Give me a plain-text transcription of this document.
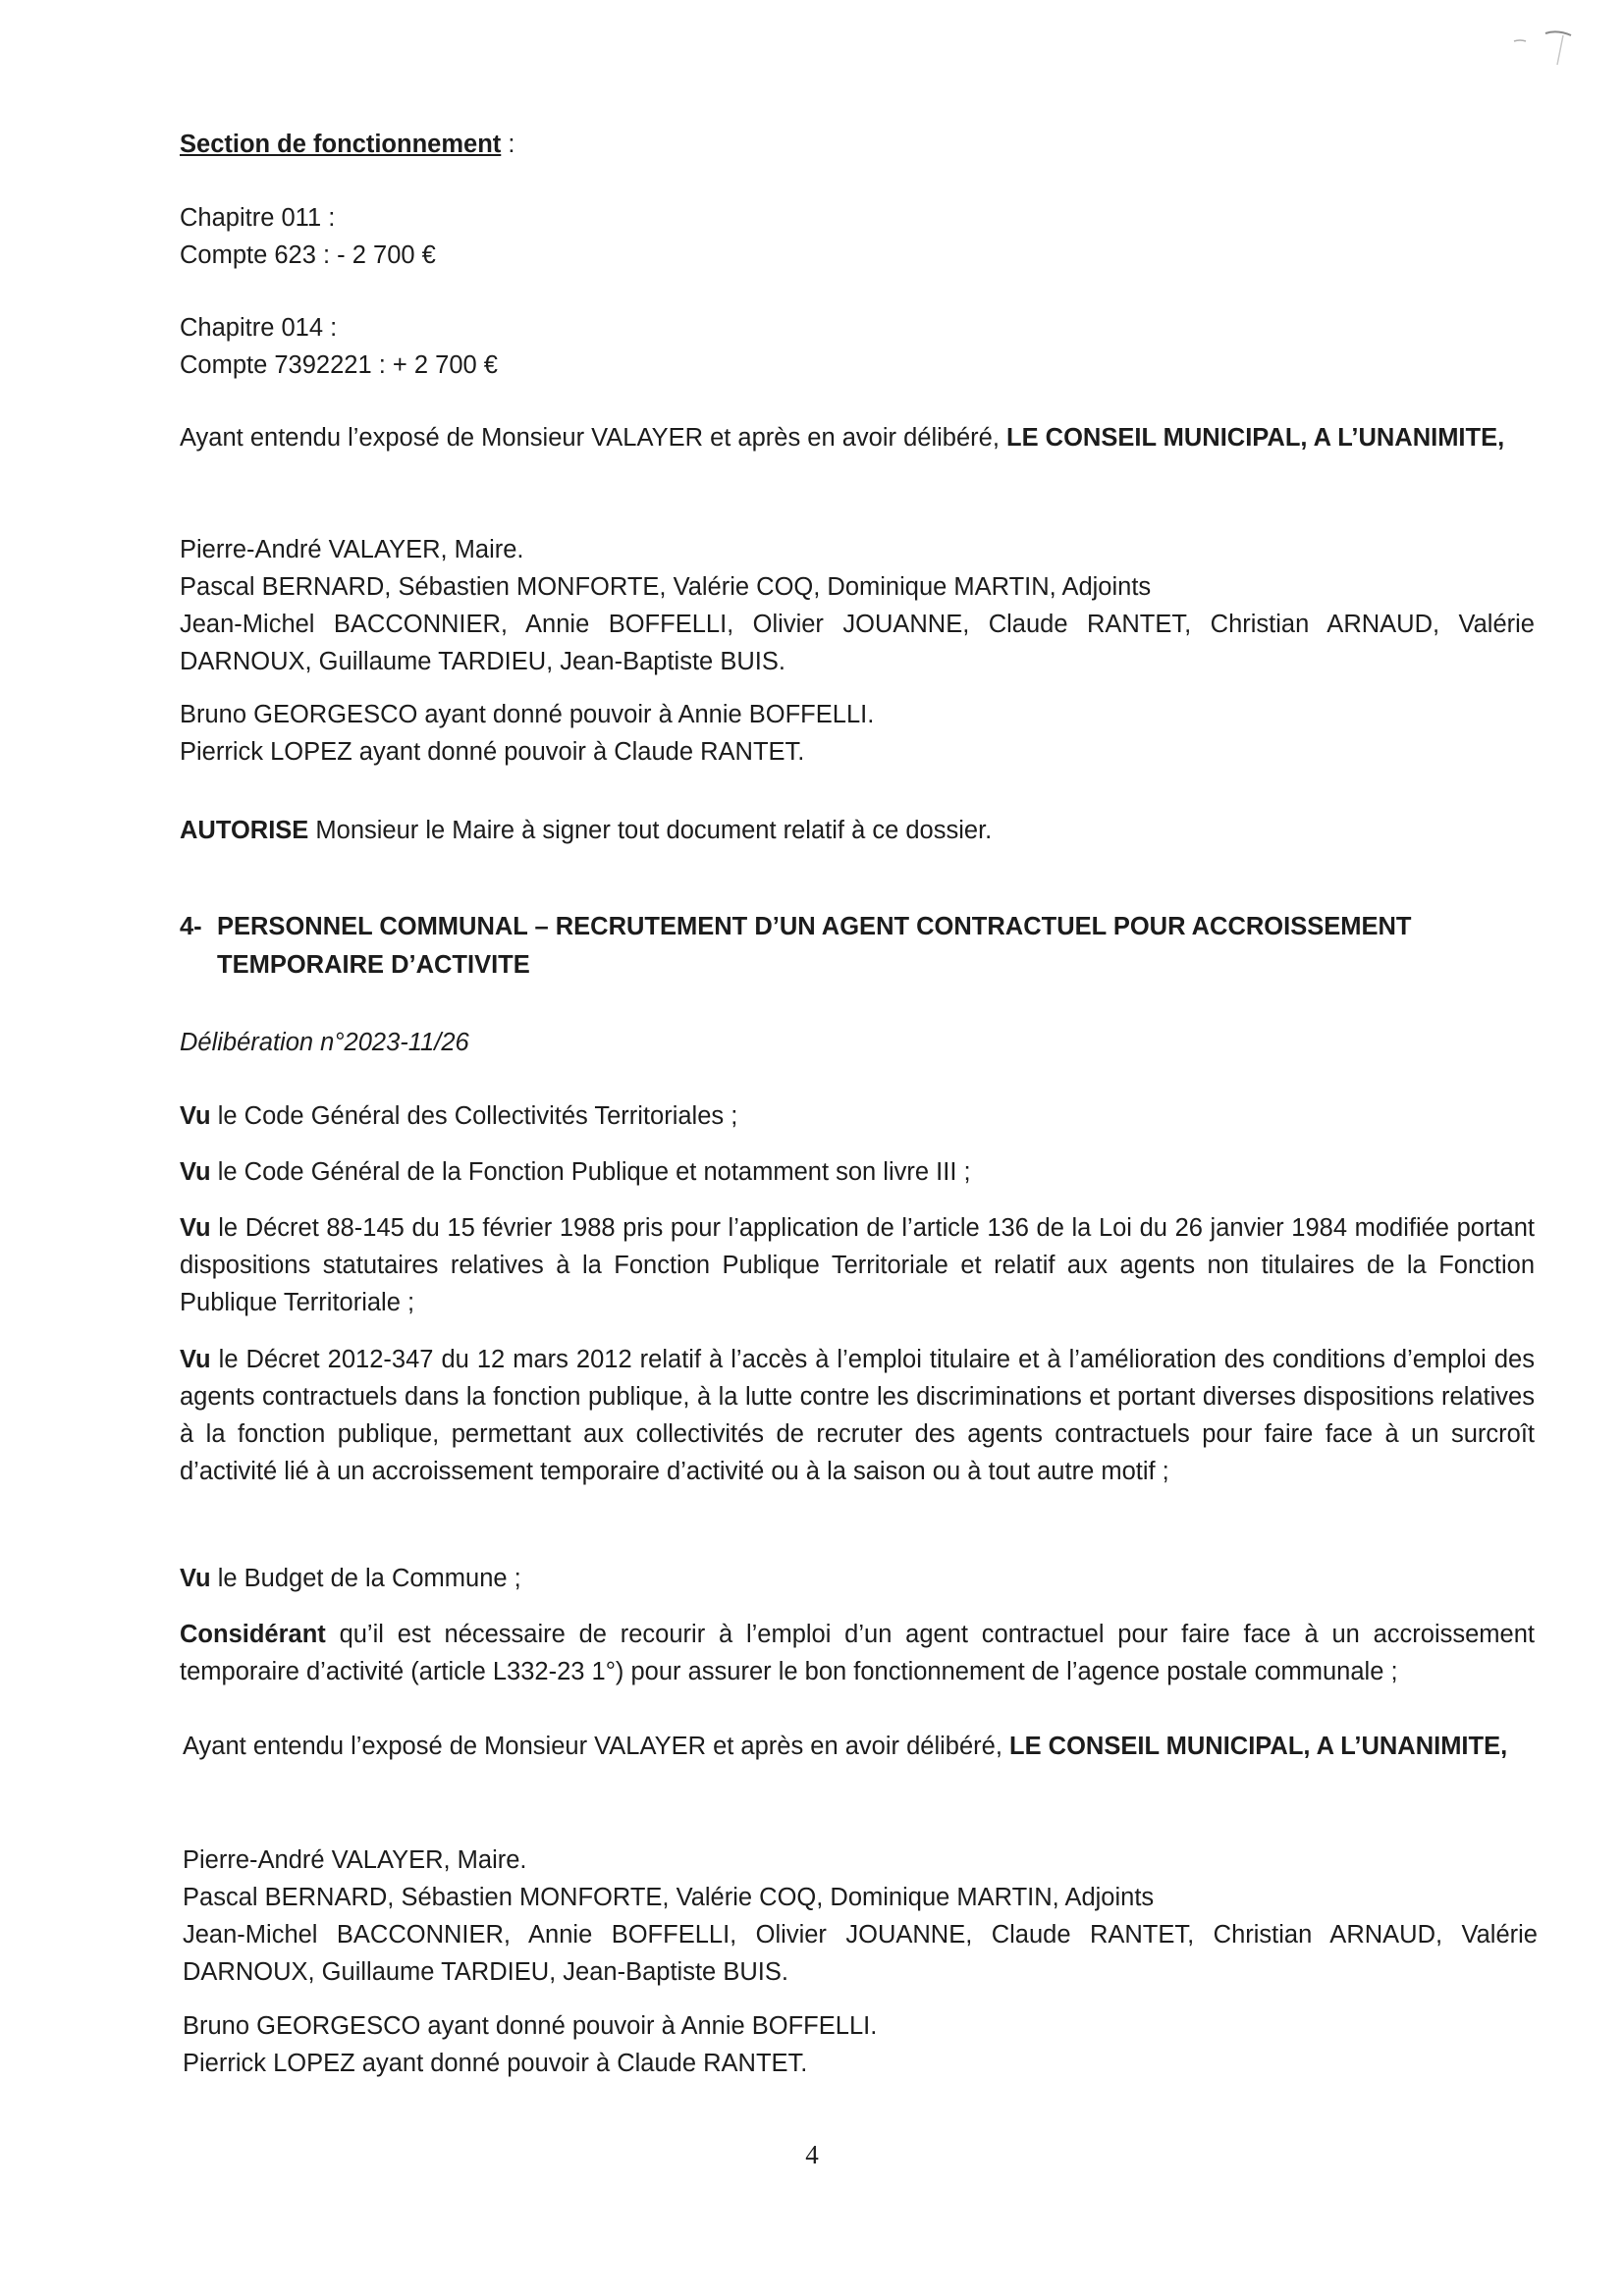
Section de fonctionnement :

Chapitre 011 :

Compte 623 : - 2 700 €

Chapitre 014 :

Compte 7392221 : + 2 700 €

Ayant entendu l’exposé de Monsieur VALAYER et après en avoir délibéré, LE CONSEIL MUNICIPAL, A L’UNANIMITE,

Pierre-André VALAYER, Maire.

Pascal BERNARD, Sébastien MONFORTE, Valérie COQ, Dominique MARTIN, Adjoints

Jean-Michel BACCONNIER, Annie BOFFELLI, Olivier JOUANNE, Claude RANTET, Christian ARNAUD, Valérie DARNOUX, Guillaume TARDIEU, Jean-Baptiste BUIS.

Bruno GEORGESCO ayant donné pouvoir à Annie BOFFELLI.

Pierrick LOPEZ ayant donné pouvoir à Claude RANTET.

AUTORISE Monsieur le Maire à signer tout document relatif à ce dossier.

4- PERSONNEL COMMUNAL – RECRUTEMENT D’UN AGENT CONTRACTUEL POUR ACCROISSEMENT
TEMPORAIRE D’ACTIVITE
Délibération n°2023-11/26

Vu le Code Général des Collectivités Territoriales ;

Vu le Code Général de la Fonction Publique et notamment son livre III ;

Vu le Décret 88-145 du 15 février 1988 pris pour l’application de l’article 136 de la Loi du 26 janvier 1984 modifiée portant dispositions statutaires relatives à la Fonction Publique Territoriale et relatif aux agents non titulaires de la Fonction Publique Territoriale ;

Vu le Décret 2012-347 du 12 mars 2012 relatif à l’accès à l’emploi titulaire et à l’amélioration des conditions d’emploi des agents contractuels dans la fonction publique, à la lutte contre les discriminations et portant diverses dispositions relatives à la fonction publique, permettant aux collectivités de recruter des agents contractuels pour faire face à un surcroît d’activité lié à un accroissement temporaire d’activité ou à la saison ou à tout autre motif ;

Vu le Budget de la Commune ;

Considérant qu’il est nécessaire de recourir à l’emploi d’un agent contractuel pour faire face à un accroissement temporaire d’activité (article L332-23 1°) pour assurer le bon fonctionnement de l’agence postale communale ;

Ayant entendu l’exposé de Monsieur VALAYER et après en avoir délibéré, LE CONSEIL MUNICIPAL, A L’UNANIMITE,

Pierre-André VALAYER, Maire.

Pascal BERNARD, Sébastien MONFORTE, Valérie COQ, Dominique MARTIN, Adjoints

Jean-Michel BACCONNIER, Annie BOFFELLI, Olivier JOUANNE, Claude RANTET, Christian ARNAUD, Valérie DARNOUX, Guillaume TARDIEU, Jean-Baptiste BUIS.

Bruno GEORGESCO ayant donné pouvoir à Annie BOFFELLI.

Pierrick LOPEZ ayant donné pouvoir à Claude RANTET.

4
